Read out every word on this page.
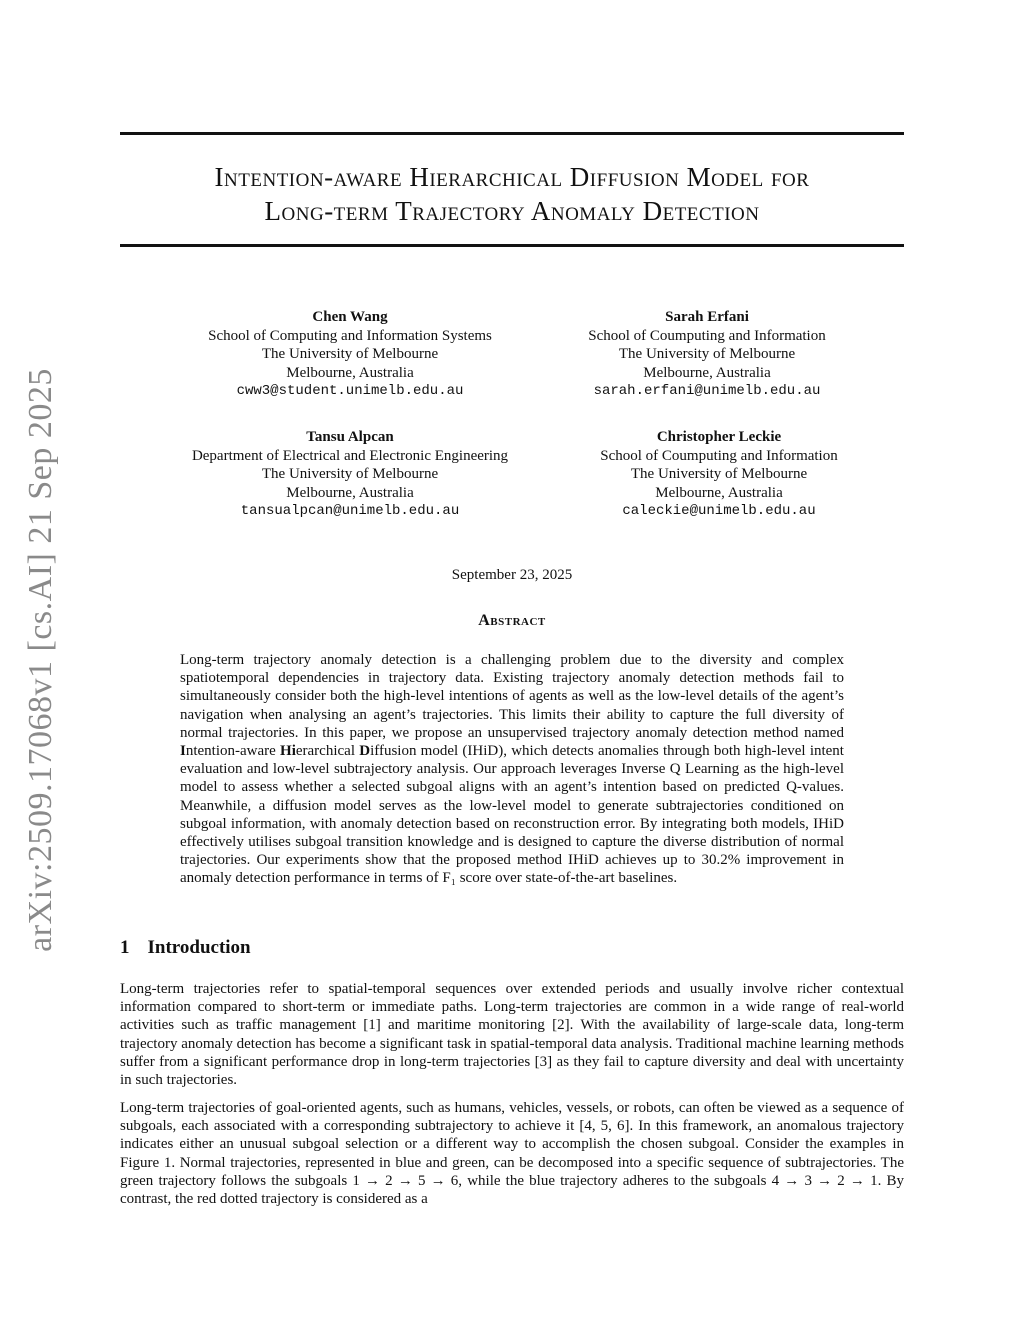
arXiv:2509.17068v1 [cs.AI] 21 Sep 2025
Intention-aware Hierarchical Diffusion Model for
Long-term Trajectory Anomaly Detection
Chen Wang
School of Computing and Information Systems
The University of Melbourne
Melbourne, Australia
cww3@student.unimelb.edu.au
Sarah Erfani
School of Coumputing and Information
The University of Melbourne
Melbourne, Australia
sarah.erfani@unimelb.edu.au
Tansu Alpcan
Department of Electrical and Electronic Engineering
The University of Melbourne
Melbourne, Australia
tansualpcan@unimelb.edu.au
Christopher Leckie
School of Coumputing and Information
The University of Melbourne
Melbourne, Australia
caleckie@unimelb.edu.au
September 23, 2025
Abstract
Long-term trajectory anomaly detection is a challenging problem due to the diversity and complex spatiotemporal dependencies in trajectory data. Existing trajectory anomaly detection methods fail to simultaneously consider both the high-level intentions of agents as well as the low-level details of the agent’s navigation when analysing an agent’s trajectories. This limits their ability to capture the full diversity of normal trajectories. In this paper, we propose an unsupervised trajectory anomaly detection method named Intention-aware Hierarchical Diffusion model (IHiD), which detects anomalies through both high-level intent evaluation and low-level subtrajectory analysis. Our approach leverages Inverse Q Learning as the high-level model to assess whether a selected subgoal aligns with an agent’s intention based on predicted Q-values. Meanwhile, a diffusion model serves as the low-level model to generate subtrajectories conditioned on subgoal information, with anomaly detection based on reconstruction error. By integrating both models, IHiD effectively utilises subgoal transition knowledge and is designed to capture the diverse distribution of normal trajectories. Our experiments show that the proposed method IHiD achieves up to 30.2% improvement in anomaly detection performance in terms of F₁ score over state-of-the-art baselines.
1 Introduction
Long-term trajectories refer to spatial-temporal sequences over extended periods and usually involve richer contextual information compared to short-term or immediate paths. Long-term trajectories are common in a wide range of real-world activities such as traffic management [1] and maritime monitoring [2]. With the availability of large-scale data, long-term trajectory anomaly detection has become a significant task in spatial-temporal data analysis. Traditional machine learning methods suffer from a significant performance drop in long-term trajectories [3] as they fail to capture diversity and deal with uncertainty in such trajectories.
Long-term trajectories of goal-oriented agents, such as humans, vehicles, vessels, or robots, can often be viewed as a sequence of subgoals, each associated with a corresponding subtrajectory to achieve it [4, 5, 6]. In this framework, an anomalous trajectory indicates either an unusual subgoal selection or a different way to accomplish the chosen subgoal. Consider the examples in Figure 1. Normal trajectories, represented in blue and green, can be decomposed into a specific sequence of subtrajectories. The green trajectory follows the subgoals 1 → 2 → 5 → 6, while the blue trajectory adheres to the subgoals 4 → 3 → 2 → 1. By contrast, the red dotted trajectory is considered as a
